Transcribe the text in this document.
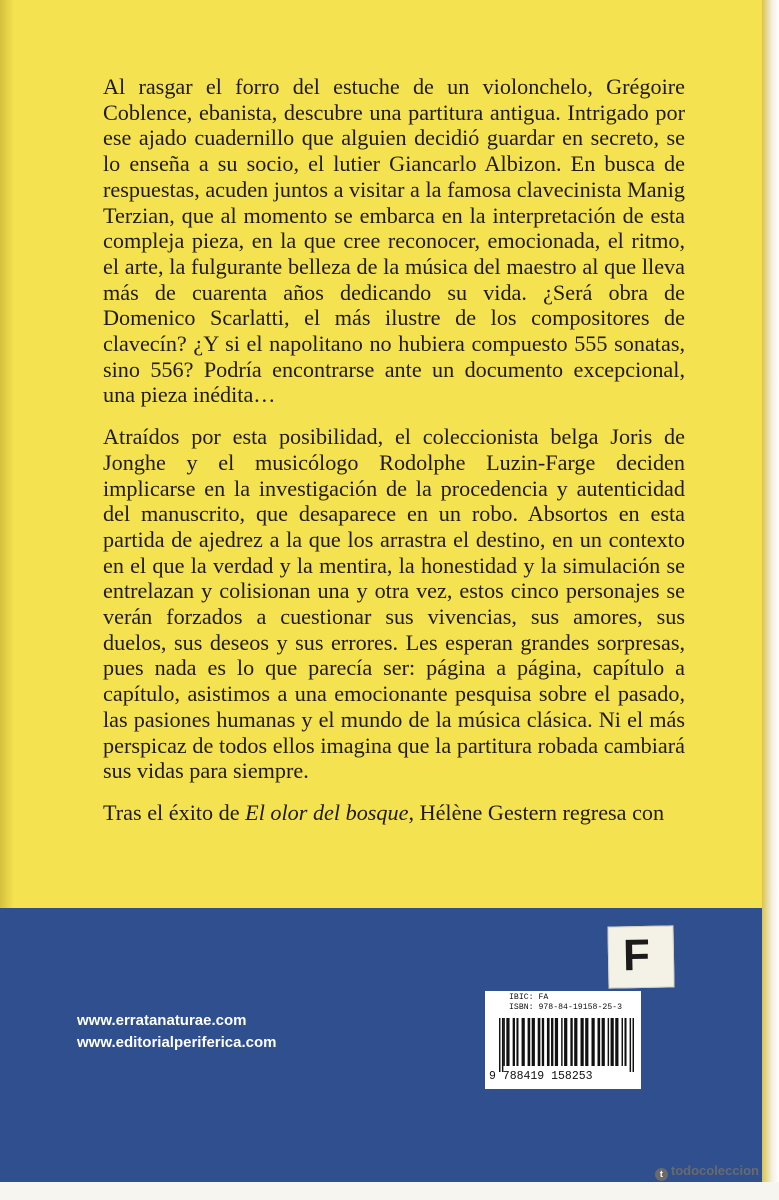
Al rasgar el forro del estuche de un violonchelo, Grégoire Coblence, ebanista, descubre una partitura antigua. Intrigado por ese ajado cuadernillo que alguien decidió guardar en secreto, se lo enseña a su socio, el lutier Giancarlo Albizon. En busca de respuestas, acuden juntos a visitar a la famosa clavecinista Manig Terzian, que al momento se embarca en la interpretación de esta compleja pieza, en la que cree reconocer, emocionada, el ritmo, el arte, la fulgurante belleza de la música del maestro al que lleva más de cuarenta años dedicando su vida. ¿Será obra de Domenico Scarlatti, el más ilustre de los compositores de clavecín? ¿Y si el napolitano no hubiera compuesto 555 sonatas, sino 556? Podría encontrarse ante un documento excepcional, una pieza inédita…

Atraídos por esta posibilidad, el coleccionista belga Joris de Jonghe y el musicólogo Rodolphe Luzin-Farge deciden implicarse en la investigación de la procedencia y autenticidad del manuscrito, que desaparece en un robo. Absortos en esta partida de ajedrez a la que los arrastra el destino, en un contexto en el que la verdad y la mentira, la honestidad y la simulación se entrelazan y colisionan una y otra vez, estos cinco personajes se verán forzados a cuestionar sus vivencias, sus amores, sus duelos, sus deseos y sus errores. Les esperan grandes sorpresas, pues nada es lo que parecía ser: página a página, capítulo a capítulo, asistimos a una emocionante pesquisa sobre el pasado, las pasiones humanas y el mundo de la música clásica. Ni el más perspicaz de todos ellos imagina que la partitura robada cambiará sus vidas para siempre.

Tras el éxito de El olor del bosque, Hélène Gestern regresa con

F
www.erratanaturae.com
www.editorialperiferica.com
IBIC: FA
ISBN: 978-84-19158-25-3
9 788419 158253
t todocoleccion
